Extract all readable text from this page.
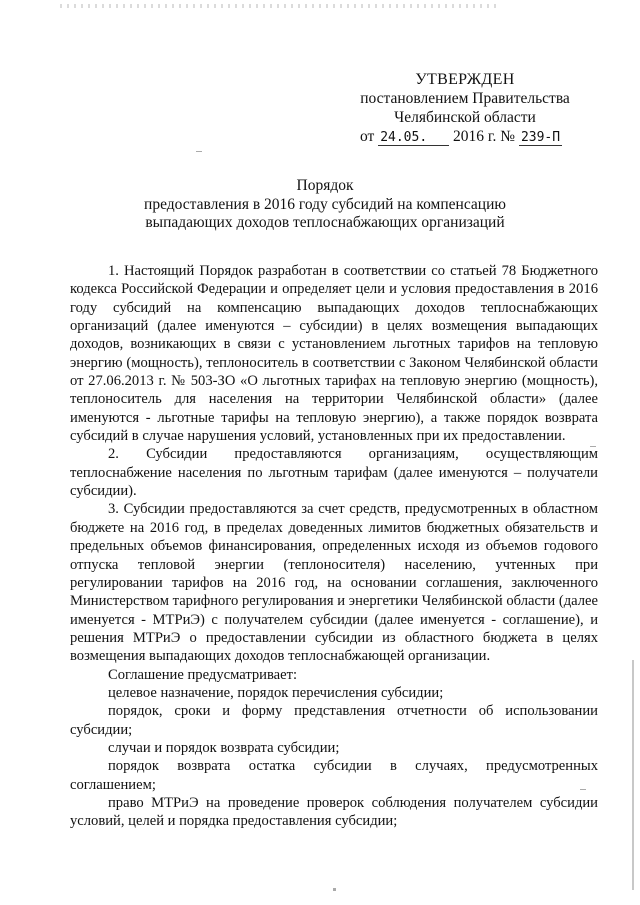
УТВЕРЖДЕН
постановлением Правительства
Челябинской области
от 24.05. 2016 г. № 239-П
Порядок
предоставления в 2016 году субсидий на компенсацию
выпадающих доходов теплоснабжающих организаций

1. Настоящий Порядок разработан в соответствии со статьей 78 Бюджетного кодекса Российской Федерации и определяет цели и условия предоставления в 2016 году субсидий на компенсацию выпадающих доходов теплоснабжающих организаций (далее именуются – субсидии) в целях возмещения выпадающих доходов, возникающих в связи с установлением льготных тарифов на тепловую энергию (мощность), теплоноситель в соответствии с Законом Челябинской области от 27.06.2013 г. № 503-ЗО «О льготных тарифах на тепловую энергию (мощность), теплоноситель для населения на территории Челябинской области» (далее именуются - льготные тарифы на тепловую энергию), а также порядок возврата субсидий в случае нарушения условий, установленных при их предоставлении.

2. Субсидии предоставляются организациям, осуществляющим теплоснабжение населения по льготным тарифам (далее именуются – получатели субсидии).

3. Субсидии предоставляются за счет средств, предусмотренных в областном бюджете на 2016 год, в пределах доведенных лимитов бюджетных обязательств и предельных объемов финансирования, определенных исходя из объемов годового отпуска тепловой энергии (теплоносителя) населению, учтенных при регулировании тарифов на 2016 год, на основании соглашения, заключенного Министерством тарифного регулирования и энергетики Челябинской области (далее именуется - МТРиЭ) с получателем субсидии (далее именуется - соглашение), и решения МТРиЭ о предоставлении субсидии из областного бюджета в целях возмещения выпадающих доходов теплоснабжающей организации.

Соглашение предусматривает:

целевое назначение, порядок перечисления субсидии;

порядок, сроки и форму представления отчетности об использовании субсидии;

случаи и порядок возврата субсидии;

порядок возврата остатка субсидии в случаях, предусмотренных соглашением;

право МТРиЭ на проведение проверок соблюдения получателем субсидии условий, целей и порядка предоставления субсидии;
